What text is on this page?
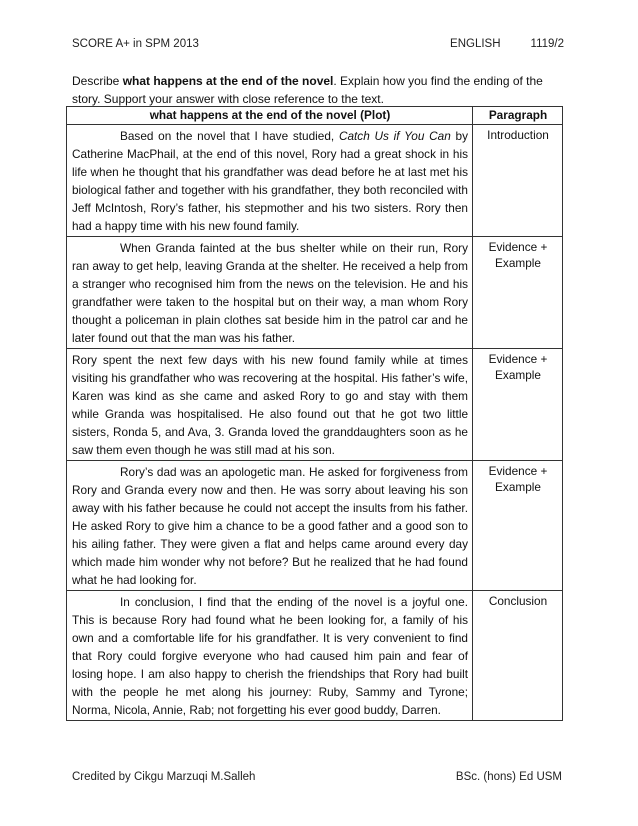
SCORE A+ in SPM 2013	ENGLISH	1119/2
Describe what happens at the end of the novel. Explain how you find the ending of the story. Support your answer with close reference to the text.
what happens at the end of the novel (Plot)	Paragraph
Based on the novel that I have studied, Catch Us if You Can by Catherine MacPhail, at the end of this novel, Rory had a great shock in his life when he thought that his grandfather was dead before he at last met his biological father and together with his grandfather, they both reconciled with Jeff McIntosh, Rory’s father, his stepmother and his two sisters. Rory then had a happy time with his new found family.	Introduction
When Granda fainted at the bus shelter while on their run, Rory ran away to get help, leaving Granda at the shelter. He received a help from a stranger who recognised him from the news on the television. He and his grandfather were taken to the hospital but on their way, a man whom Rory thought a policeman in plain clothes sat beside him in the patrol car and he later found out that the man was his father.	Evidence + Example
Rory spent the next few days with his new found family while at times visiting his grandfather who was recovering at the hospital. His father’s wife, Karen was kind as she came and asked Rory to go and stay with them while Granda was hospitalised. He also found out that he got two little sisters, Ronda 5, and Ava, 3. Granda loved the granddaughters soon as he saw them even though he was still mad at his son.	Evidence + Example
Rory’s dad was an apologetic man. He asked for forgiveness from Rory and Granda every now and then. He was sorry about leaving his son away with his father because he could not accept the insults from his father. He asked Rory to give him a chance to be a good father and a good son to his ailing father. They were given a flat and helps came around every day which made him wonder why not before? But he realized that he had found what he had looking for.	Evidence + Example
In conclusion, I find that the ending of the novel is a joyful one. This is because Rory had found what he been looking for, a family of his own and a comfortable life for his grandfather. It is very convenient to find that Rory could forgive everyone who had caused him pain and fear of losing hope. I am also happy to cherish the friendships that Rory had built with the people he met along his journey: Ruby, Sammy and Tyrone; Norma, Nicola, Annie, Rab; not forgetting his ever good buddy, Darren.	Conclusion
Credited by Cikgu Marzuqi M.Salleh	BSc. (hons) Ed USM
